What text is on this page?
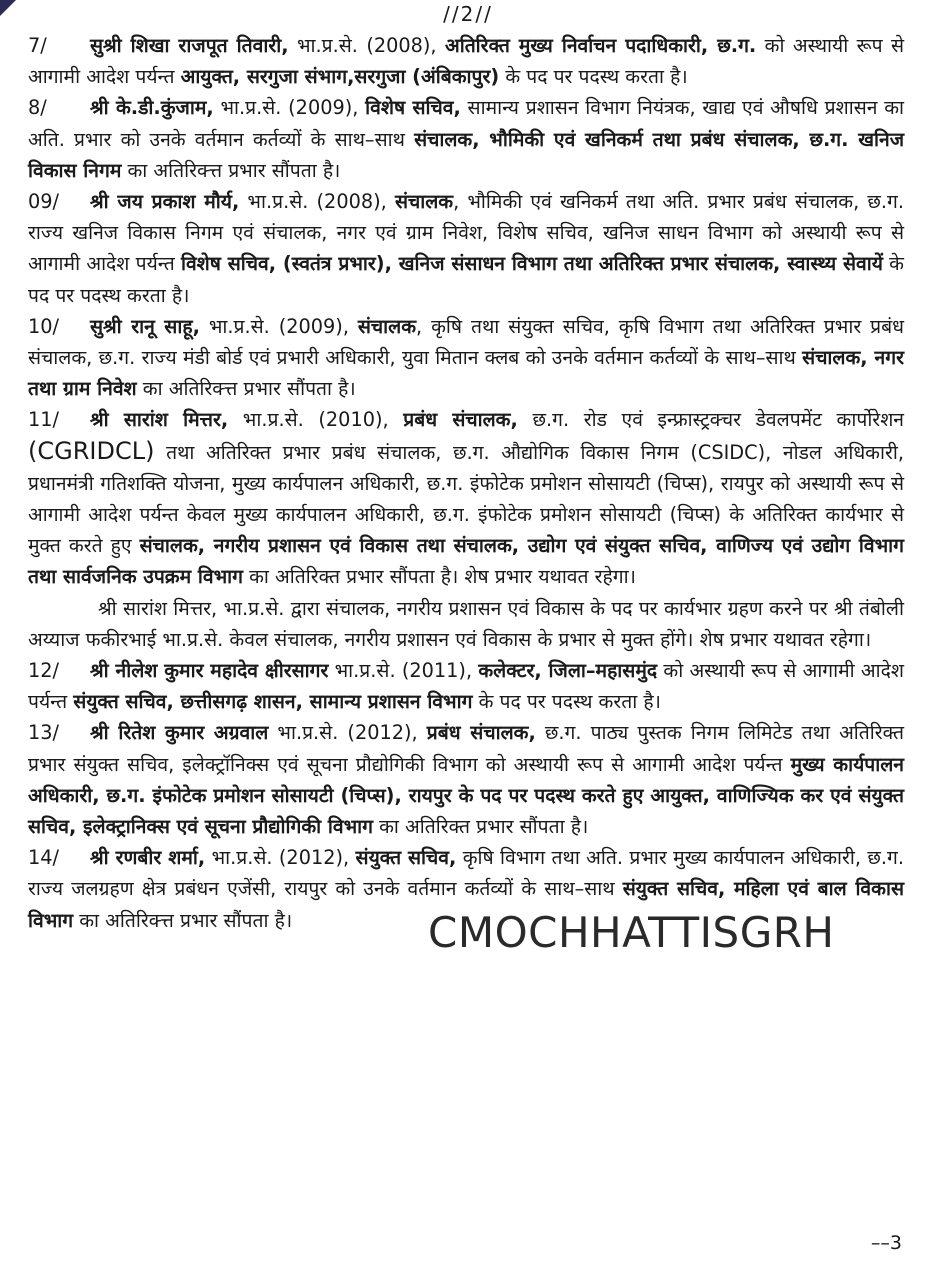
//2//

7/ सुश्री शिखा राजपूत तिवारी, भा.प्र.से. (2008), अतिरिक्त मुख्य निर्वाचन पदाधिकारी, छ.ग. को अस्थायी रूप से आगामी आदेश पर्यन्त आयुक्त, सरगुजा संभाग,सरगुजा (अंबिकापुर) के पद पर पदस्थ करता है।

8/ श्री के.डी.कुंजाम, भा.प्र.से. (2009), विशेष सचिव, सामान्य प्रशासन विभाग नियंत्रक, खाद्य एवं औषधि प्रशासन का अति. प्रभार को उनके वर्तमान कर्तव्यों के साथ–साथ संचालक, भौमिकी एवं खनिकर्म तथा प्रबंध संचालक, छ.ग. खनिज विकास निगम का अतिरिक्त्त प्रभार सौंपता है।

09/ श्री जय प्रकाश मौर्य, भा.प्र.से. (2008), संचालक, भौमिकी एवं खनिकर्म तथा अति. प्रभार प्रबंध संचालक, छ.ग. राज्य खनिज विकास निगम एवं संचालक, नगर एवं ग्राम निवेश, विशेष सचिव, खनिज साधन विभाग को अस्थायी रूप से आगामी आदेश पर्यन्त विशेष सचिव, (स्वतंत्र प्रभार), खनिज संसाधन विभाग तथा अतिरिक्त प्रभार संचालक, स्वास्थ्य सेवायें के पद पर पदस्थ करता है।

10/ सुश्री रानू साहू, भा.प्र.से. (2009), संचालक, कृषि तथा संयुक्त सचिव, कृषि विभाग तथा अतिरिक्त प्रभार प्रबंध संचालक, छ.ग. राज्य मंडी बोर्ड एवं प्रभारी अधिकारी, युवा मितान क्लब को उनके वर्तमान कर्तव्यों के साथ–साथ संचालक, नगर तथा ग्राम निवेश का अतिरिक्त्त प्रभार सौंपता है।

11/ श्री सारांश मित्तर, भा.प्र.से. (2010), प्रबंध संचालक, छ.ग. रोड एवं इन्फ्रास्ट्रक्चर डेवलपमेंट कार्पोरेशन (CGRIDCL) तथा अतिरिक्त प्रभार प्रबंध संचालक, छ.ग. औद्योगिक विकास निगम (CSIDC), नोडल अधिकारी, प्रधानमंत्री गतिशक्ति योजना, मुख्य कार्यपालन अधिकारी, छ.ग. इंफोटेक प्रमोशन सोसायटी (चिप्स), रायपुर को अस्थायी रूप से आगामी आदेश पर्यन्त केवल मुख्य कार्यपालन अधिकारी, छ.ग. इंफोटेक प्रमोशन सोसायटी (चिप्स) के अतिरिक्त कार्यभार से मुक्त करते हुए संचालक, नगरीय प्रशासन एवं विकास तथा संचालक, उद्योग एवं संयुक्त सचिव, वाणिज्य एवं उद्योग विभाग तथा सार्वजनिक उपक्रम विभाग का अतिरिक्त प्रभार सौंपता है। शेष प्रभार यथावत रहेगा।

श्री सारांश मित्तर, भा.प्र.से. द्वारा संचालक, नगरीय प्रशासन एवं विकास के पद पर कार्यभार ग्रहण करने पर श्री तंबोली अय्याज फकीरभाई भा.प्र.से. केवल संचालक, नगरीय प्रशासन एवं विकास के प्रभार से मुक्त होंगे। शेष प्रभार यथावत रहेगा।

12/ श्री नीलेश कुमार महादेव क्षीरसागर भा.प्र.से. (2011), कलेक्टर, जिला–महासमुंद को अस्थायी रूप से आगामी आदेश पर्यन्त संयुक्त सचिव, छत्तीसगढ़ शासन, सामान्य प्रशासन विभाग के पद पर पदस्थ करता है।

13/ श्री रितेश कुमार अग्रवाल भा.प्र.से. (2012), प्रबंध संचालक, छ.ग. पाठ्य पुस्तक निगम लिमिटेड तथा अतिरिक्त प्रभार संयुक्त सचिव, इलेक्ट्रॉनिक्स एवं सूचना प्रौद्योगिकी विभाग को अस्थायी रूप से आगामी आदेश पर्यन्त मुख्य कार्यपालन अधिकारी, छ.ग. इंफोटेक प्रमोशन सोसायटी (चिप्स), रायपुर के पद पर पदस्थ करते हुए आयुक्त, वाणिज्यिक कर एवं संयुक्त सचिव, इलेक्ट्रानिक्स एवं सूचना प्रौद्योगिकी विभाग का अतिरिक्त प्रभार सौंपता है।

14/ श्री रणबीर शर्मा, भा.प्र.से. (2012), संयुक्त सचिव, कृषि विभाग तथा अति. प्रभार मुख्य कार्यपालन अधिकारी, छ.ग. राज्य जलग्रहण क्षेत्र प्रबंधन एजेंसी, रायपुर को उनके वर्तमान कर्तव्यों के साथ–साथ संयुक्त सचिव, महिला एवं बाल विकास विभाग का अतिरिक्त्त प्रभार सौंपता है।	CMOCHHATTISGRH
––3
